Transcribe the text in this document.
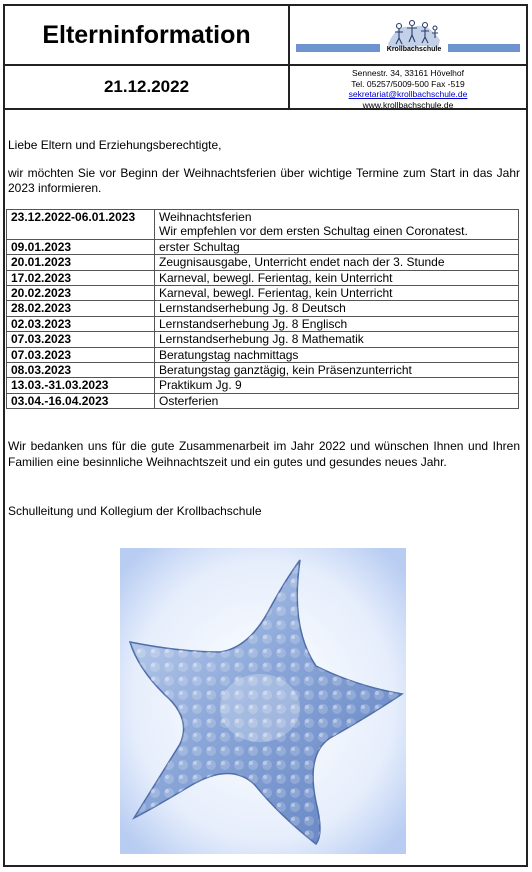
Elterninformation
21.12.2022
Krollbachschule
Sennestr. 34, 33161 Hövelhof
Tel. 05257/5009-500 Fax -519
sekretariat@krollbachschule.de
www.krollbachschule.de
Liebe Eltern und Erziehungsberechtigte,
wir möchten Sie vor Beginn der Weihnachtsferien über wichtige Termine zum Start in das Jahr 2023 informieren.
23.12.2022-06.01.2023	Weihnachtsferien
Wir empfehlen vor dem ersten Schultag einen Coronatest.

09.01.2023	erster Schultag

20.01.2023	Zeugnisausgabe, Unterricht endet nach der 3. Stunde

17.02.2023	Karneval, bewegl. Ferientag, kein Unterricht

20.02.2023	Karneval, bewegl. Ferientag, kein Unterricht

28.02.2023	Lernstandserhebung Jg. 8 Deutsch

02.03.2023	Lernstandserhebung Jg. 8 Englisch

07.03.2023	Lernstandserhebung Jg. 8 Mathematik

07.03.2023	Beratungstag nachmittags

08.03.2023	Beratungstag ganztägig, kein Präsenzunterricht

13.03.-31.03.2023	Praktikum Jg. 9

03.04.-16.04.2023	Osterferien
Wir bedanken uns für die gute Zusammenarbeit im Jahr 2022 und wünschen Ihnen und Ihren Familien eine besinnliche Weihnachtszeit und ein gutes und gesundes neues Jahr.
Schulleitung und Kollegium der Krollbachschule
